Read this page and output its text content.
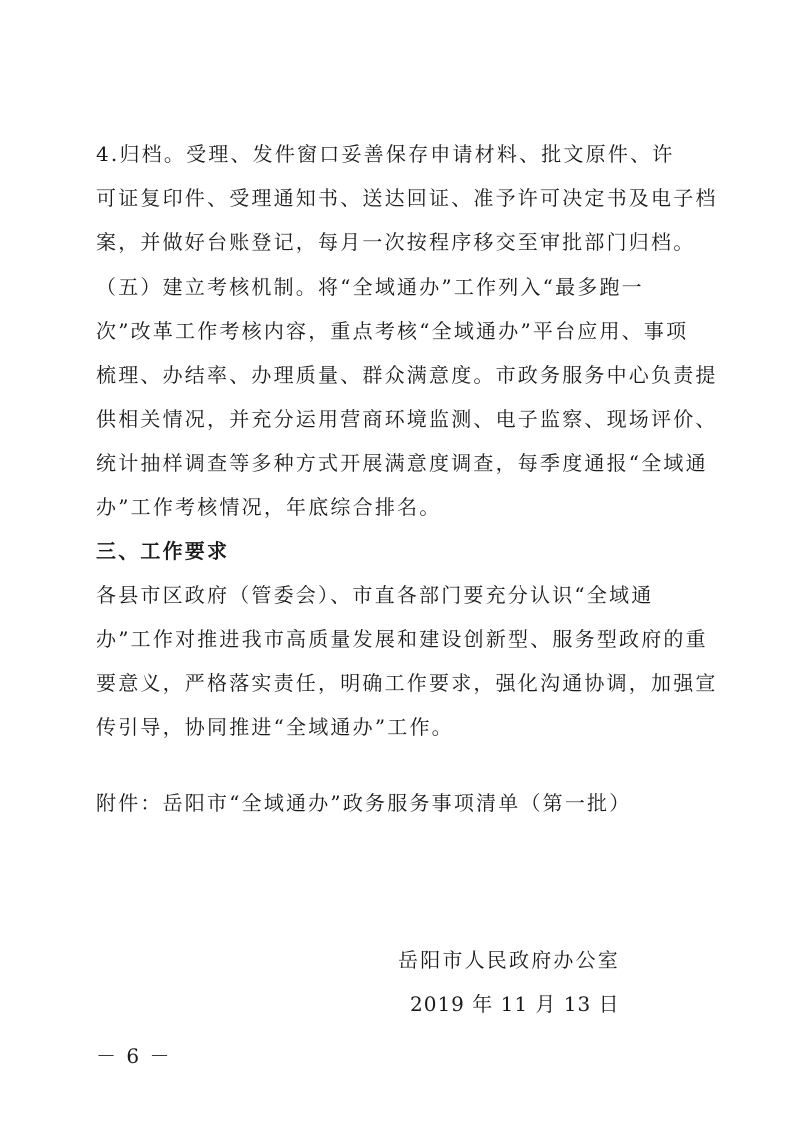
4.归档。受理、发件窗口妥善保存申请材料、批文原件、许
可证复印件、受理通知书、送达回证、准予许可决定书及电子档
案，并做好台账登记，每月一次按程序移交至审批部门归档。
（五）建立考核机制。将“全域通办”工作列入“最多跑一
次”改革工作考核内容，重点考核“全域通办”平台应用、事项
梳理、办结率、办理质量、群众满意度。市政务服务中心负责提
供相关情况，并充分运用营商环境监测、电子监察、现场评价、
统计抽样调查等多种方式开展满意度调查，每季度通报“全域通
办”工作考核情况，年底综合排名。
三、工作要求
各县市区政府（管委会）、市直各部门要充分认识“全域通
办”工作对推进我市高质量发展和建设创新型、服务型政府的重
要意义，严格落实责任，明确工作要求，强化沟通协调，加强宣
传引导，协同推进“全域通办”工作。
附件：岳阳市“全域通办”政务服务事项清单（第一批）
岳阳市人民政府办公室
2019 年 11 月 13 日
－ 6 －
